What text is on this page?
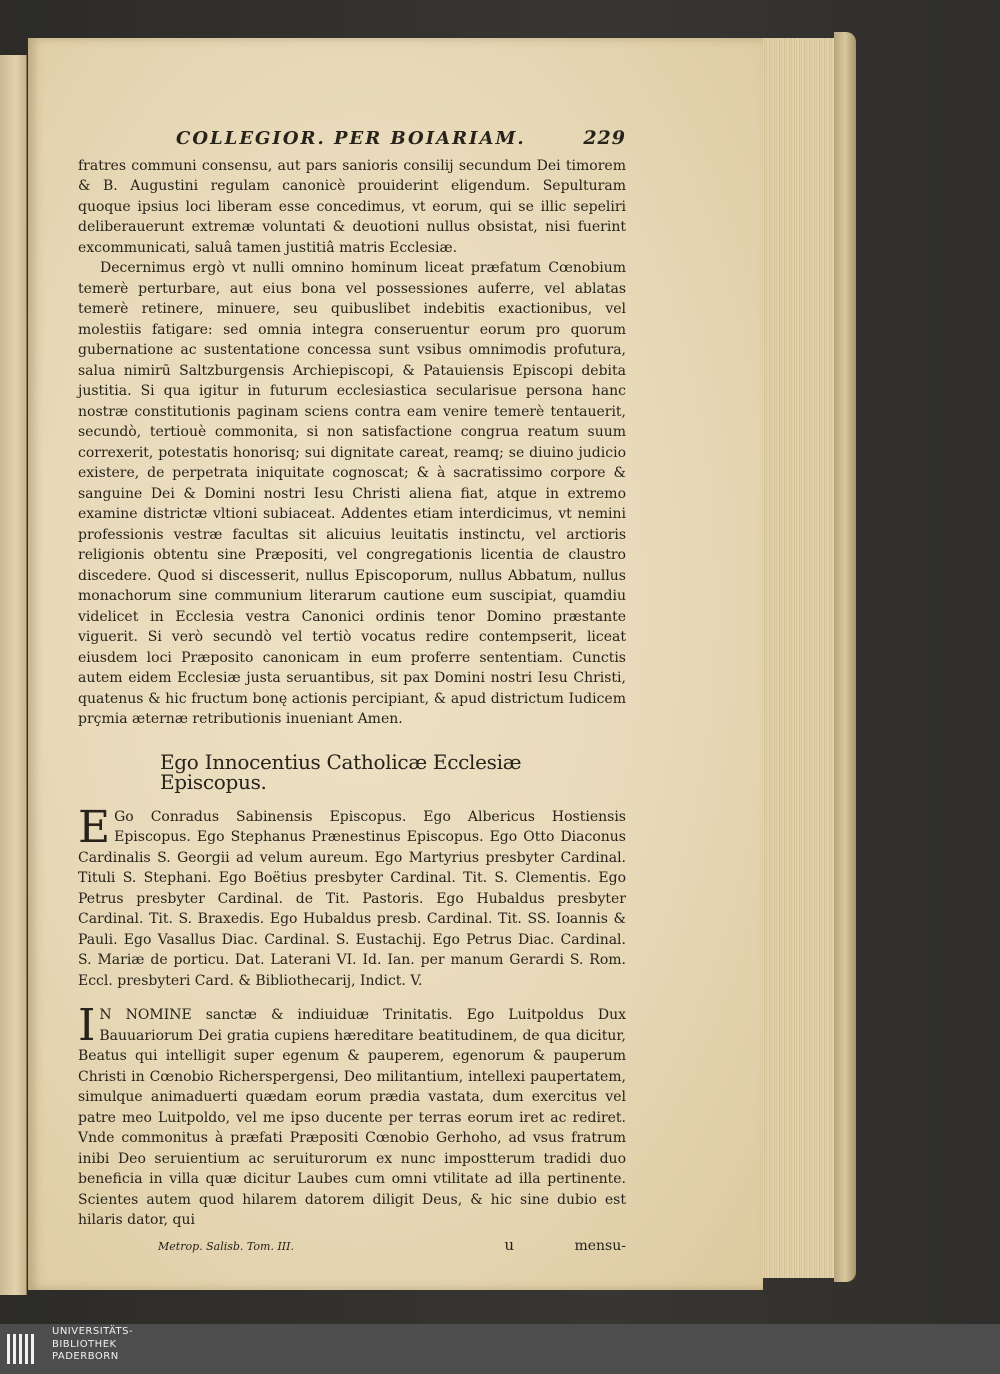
COLLEGIOR. PER BOIARIAM.	229

fratres communi consensu, aut pars sanioris consilij secundum Dei timorem & B. Augustini regulam canonicè prouiderint eligendum. Sepulturam quoque ipsius loci liberam esse concedimus, vt eorum, qui se illic sepeliri deliberauerunt extremæ voluntati & deuotioni nullus obsistat, nisi fuerint excommunicati, saluâ tamen justitiâ matris Ecclesiæ.

Decernimus ergò vt nulli omnino hominum liceat præfatum Cœnobium temerè perturbare, aut eius bona vel possessiones auferre, vel ablatas temerè retinere, minuere, seu quibuslibet indebitis exactionibus, vel molestiis fatigare: sed omnia integra conseruentur eorum pro quorum gubernatione ac sustentatione concessa sunt vsibus omnimodis profutura, salua nimirū Saltzburgensis Archiepiscopi, & Patauiensis Episcopi debita justitia. Si qua igitur in futurum ecclesiastica secularisue persona hanc nostræ constitutionis paginam sciens contra eam venire temerè tentauerit, secundò, tertiouè commonita, si non satisfactione congrua reatum suum correxerit, potestatis honorisq; sui dignitate careat, reamq; se diuino judicio existere, de perpetrata iniquitate cognoscat; & à sacratissimo corpore & sanguine Dei & Domini nostri Iesu Christi aliena fiat, atque in extremo examine districtæ vltioni subiaceat. Addentes etiam interdicimus, vt nemini professionis vestræ facultas sit alicuius leuitatis instinctu, vel arctioris religionis obtentu sine Præpositi, vel congregationis licentia de claustro discedere. Quod si discesserit, nullus Episcoporum, nullus Abbatum, nullus monachorum sine communium literarum cautione eum suscipiat, quamdiu videlicet in Ecclesia vestra Canonici ordinis tenor Domino præstante viguerit. Si verò secundò vel tertiò vocatus redire contempserit, liceat eiusdem loci Præposito canonicam in eum proferre sententiam. Cunctis autem eidem Ecclesiæ justa seruantibus, sit pax Domini nostri Iesu Christi, quatenus & hic fructum bonę actionis percipiant, & apud districtum Iudicem prçmia æternæ retributionis inueniant Amen.

Ego Innocentius Catholicæ Ecclesiæ Episcopus.

E Go Conradus Sabinensis Episcopus. Ego Albericus Hostiensis Episcopus. Ego Stephanus Prænestinus Episcopus. Ego Otto Diaconus Cardinalis S. Georgii ad velum aureum. Ego Martyrius presbyter Cardinal. Tituli S. Stephani. Ego Boëtius presbyter Cardinal. Tit. S. Clementis. Ego Petrus presbyter Cardinal. de Tit. Pastoris. Ego Hubaldus presbyter Cardinal. Tit. S. Braxedis. Ego Hubaldus presb. Cardinal. Tit. SS. Ioannis & Pauli. Ego Vasallus Diac. Cardinal. S. Eustachij. Ego Petrus Diac. Cardinal. S. Mariæ de porticu. Dat. Laterani VI. Id. Ian. per manum Gerardi S. Rom. Eccl. presbyteri Card. & Bibliothecarij, Indict. V.

I N NOMINE sanctæ & indiuiduæ Trinitatis. Ego Luitpoldus Dux Bauuariorum Dei gratia cupiens hæreditare beatitudinem, de qua dicitur, Beatus qui intelligit super egenum & pauperem, egenorum & pauperum Christi in Cœnobio Richerspergensi, Deo militantium, intellexi paupertatem, simulque animaduerti quædam eorum prædia vastata, dum exercitus vel patre meo Luitpoldo, vel me ipso ducente per terras eorum iret ac rediret. Vnde commonitus à præfati Præpositi Cœnobio Gerhoho, ad vsus fratrum inibi Deo seruientium ac seruiturorum ex nunc impostterum tradidi duo beneficia in villa quæ dicitur Laubes cum omni vtilitate ad illa pertinente. Scientes autem quod hilarem datorem diligit Deus, & hic sine dubio est hilaris dator, qui

Metrop. Salisb. Tom. III.	u	mensu-
UNIVERSITÄTS-
BIBLIOTHEK
PADERBORN
